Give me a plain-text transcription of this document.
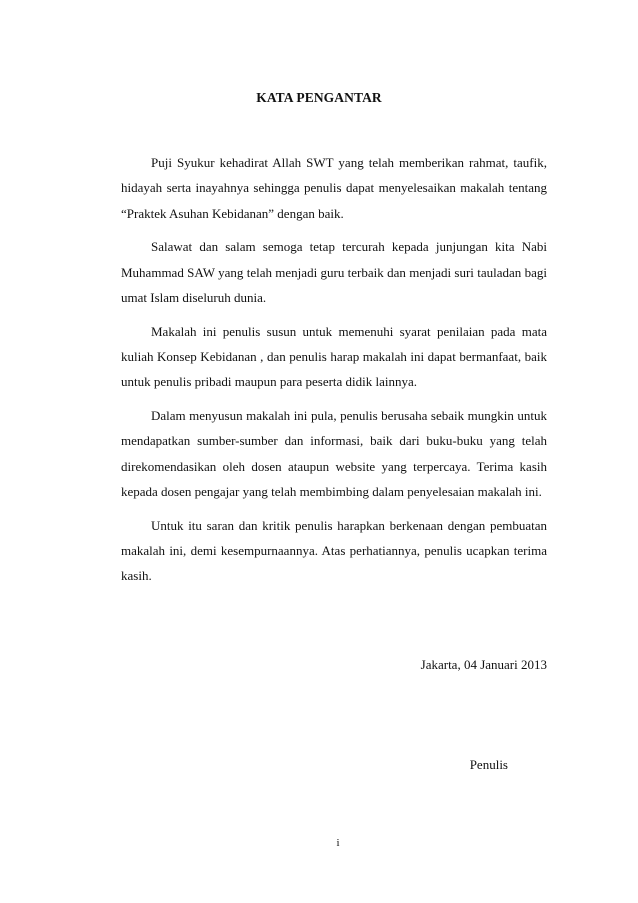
KATA PENGANTAR

Puji Syukur kehadirat Allah SWT yang telah memberikan rahmat, taufik, hidayah serta inayahnya sehingga penulis dapat menyelesaikan makalah tentang “Praktek Asuhan Kebidanan” dengan baik.

Salawat dan salam semoga tetap tercurah kepada junjungan kita Nabi Muhammad SAW yang telah menjadi guru terbaik dan menjadi suri tauladan bagi umat Islam diseluruh dunia.

Makalah ini penulis susun untuk memenuhi syarat penilaian pada mata kuliah Konsep Kebidanan , dan penulis harap makalah ini dapat bermanfaat, baik untuk penulis pribadi maupun para peserta didik lainnya.

Dalam menyusun makalah ini pula, penulis berusaha sebaik mungkin untuk mendapatkan sumber-sumber dan informasi, baik dari buku-buku yang telah direkomendasikan oleh dosen ataupun website yang terpercaya. Terima kasih kepada dosen pengajar yang telah membimbing dalam penyelesaian makalah ini.

Untuk itu saran dan kritik penulis harapkan berkenaan dengan pembuatan makalah ini, demi kesempurnaannya. Atas perhatiannya, penulis ucapkan terima kasih.

Jakarta, 04 Januari 2013
Penulis
i
